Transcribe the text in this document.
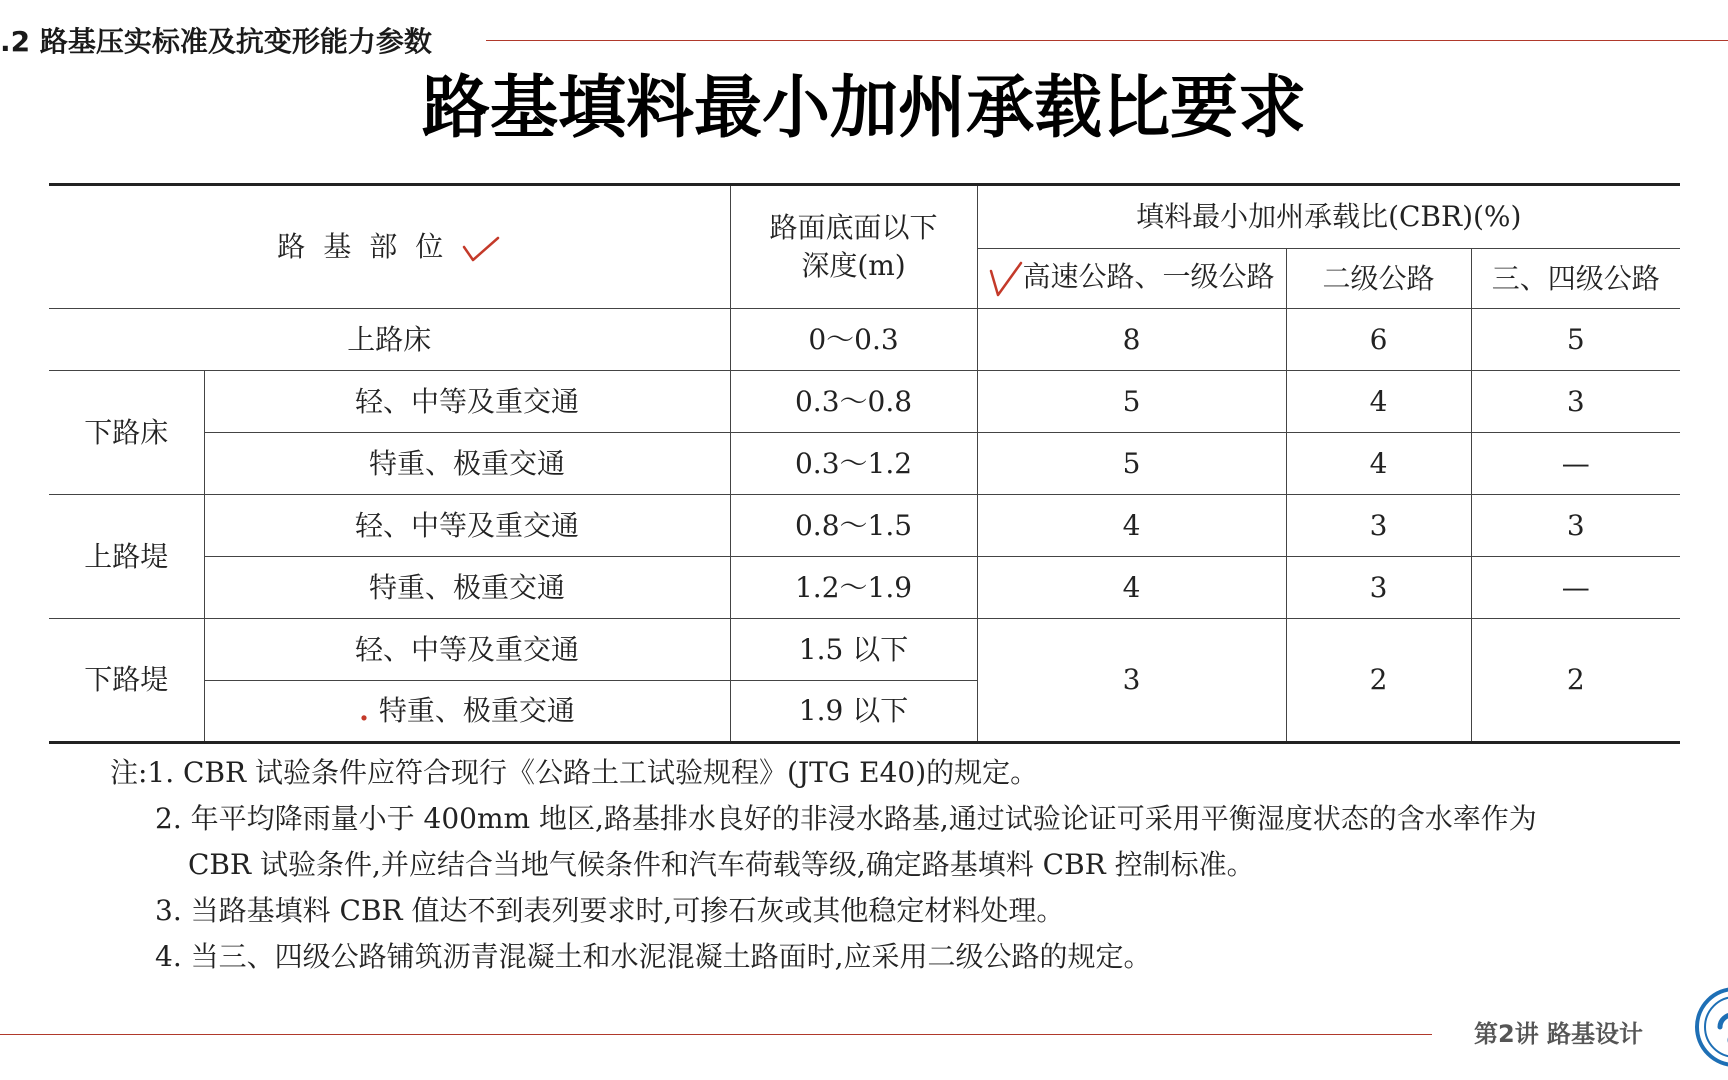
.2 路基压实标准及抗变形能力参数
路基填料最小加州承载比要求
路基部位		路面底面以下
深度(m)	填料最小加州承载比(CBR)(%)		
			高速公路、一级公路	二级公路	三、四级公路
上路床		0～0.3	8	6	5
下路床	轻、中等及重交通	0.3～0.8	5	4	3
	特重、极重交通	0.3～1.2	5	4	—
上路堤	轻、中等及重交通	0.8～1.5	4	3	3
	特重、极重交通	1.2～1.9	4	3	—
下路堤	轻、中等及重交通	1.5 以下	3	2	2
	. 特重、极重交通	1.9 以下			
注:1. CBR 试验条件应符合现行《公路土工试验规程》(JTG E40)的规定。
2. 年平均降雨量小于 400mm 地区,路基排水良好的非浸水路基,通过试验论证可采用平衡湿度状态的含水率作为
CBR 试验条件,并应结合当地气候条件和汽车荷载等级,确定路基填料 CBR 控制标准。
3. 当路基填料 CBR 值达不到表列要求时,可掺石灰或其他稳定材料处理。
4. 当三、四级公路铺筑沥青混凝土和水泥混凝土路面时,应采用二级公路的规定。
第2讲 路基设计
